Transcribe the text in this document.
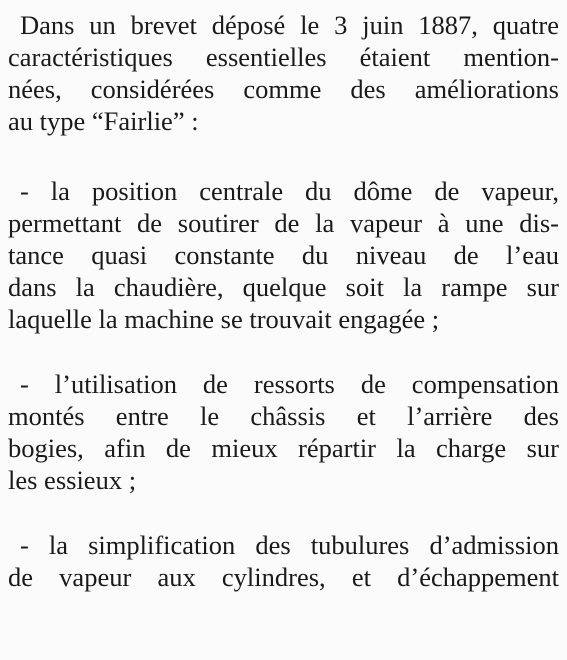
Dans un brevet déposé le 3 juin 1887, quatre
caractéristiques essentielles étaient mention-
nées, considérées comme des améliorations
au type “Fairlie” :

- la position centrale du dôme de vapeur,
permettant de soutirer de la vapeur à une dis-
tance quasi constante du niveau de l’eau
dans la chaudière, quelque soit la rampe sur
laquelle la machine se trouvait engagée ;

- l’utilisation de ressorts de compensation
montés entre le châssis et l’arrière des
bogies, afin de mieux répartir la charge sur
les essieux ;

- la simplification des tubulures d’admission
de vapeur aux cylindres, et d’échappement
